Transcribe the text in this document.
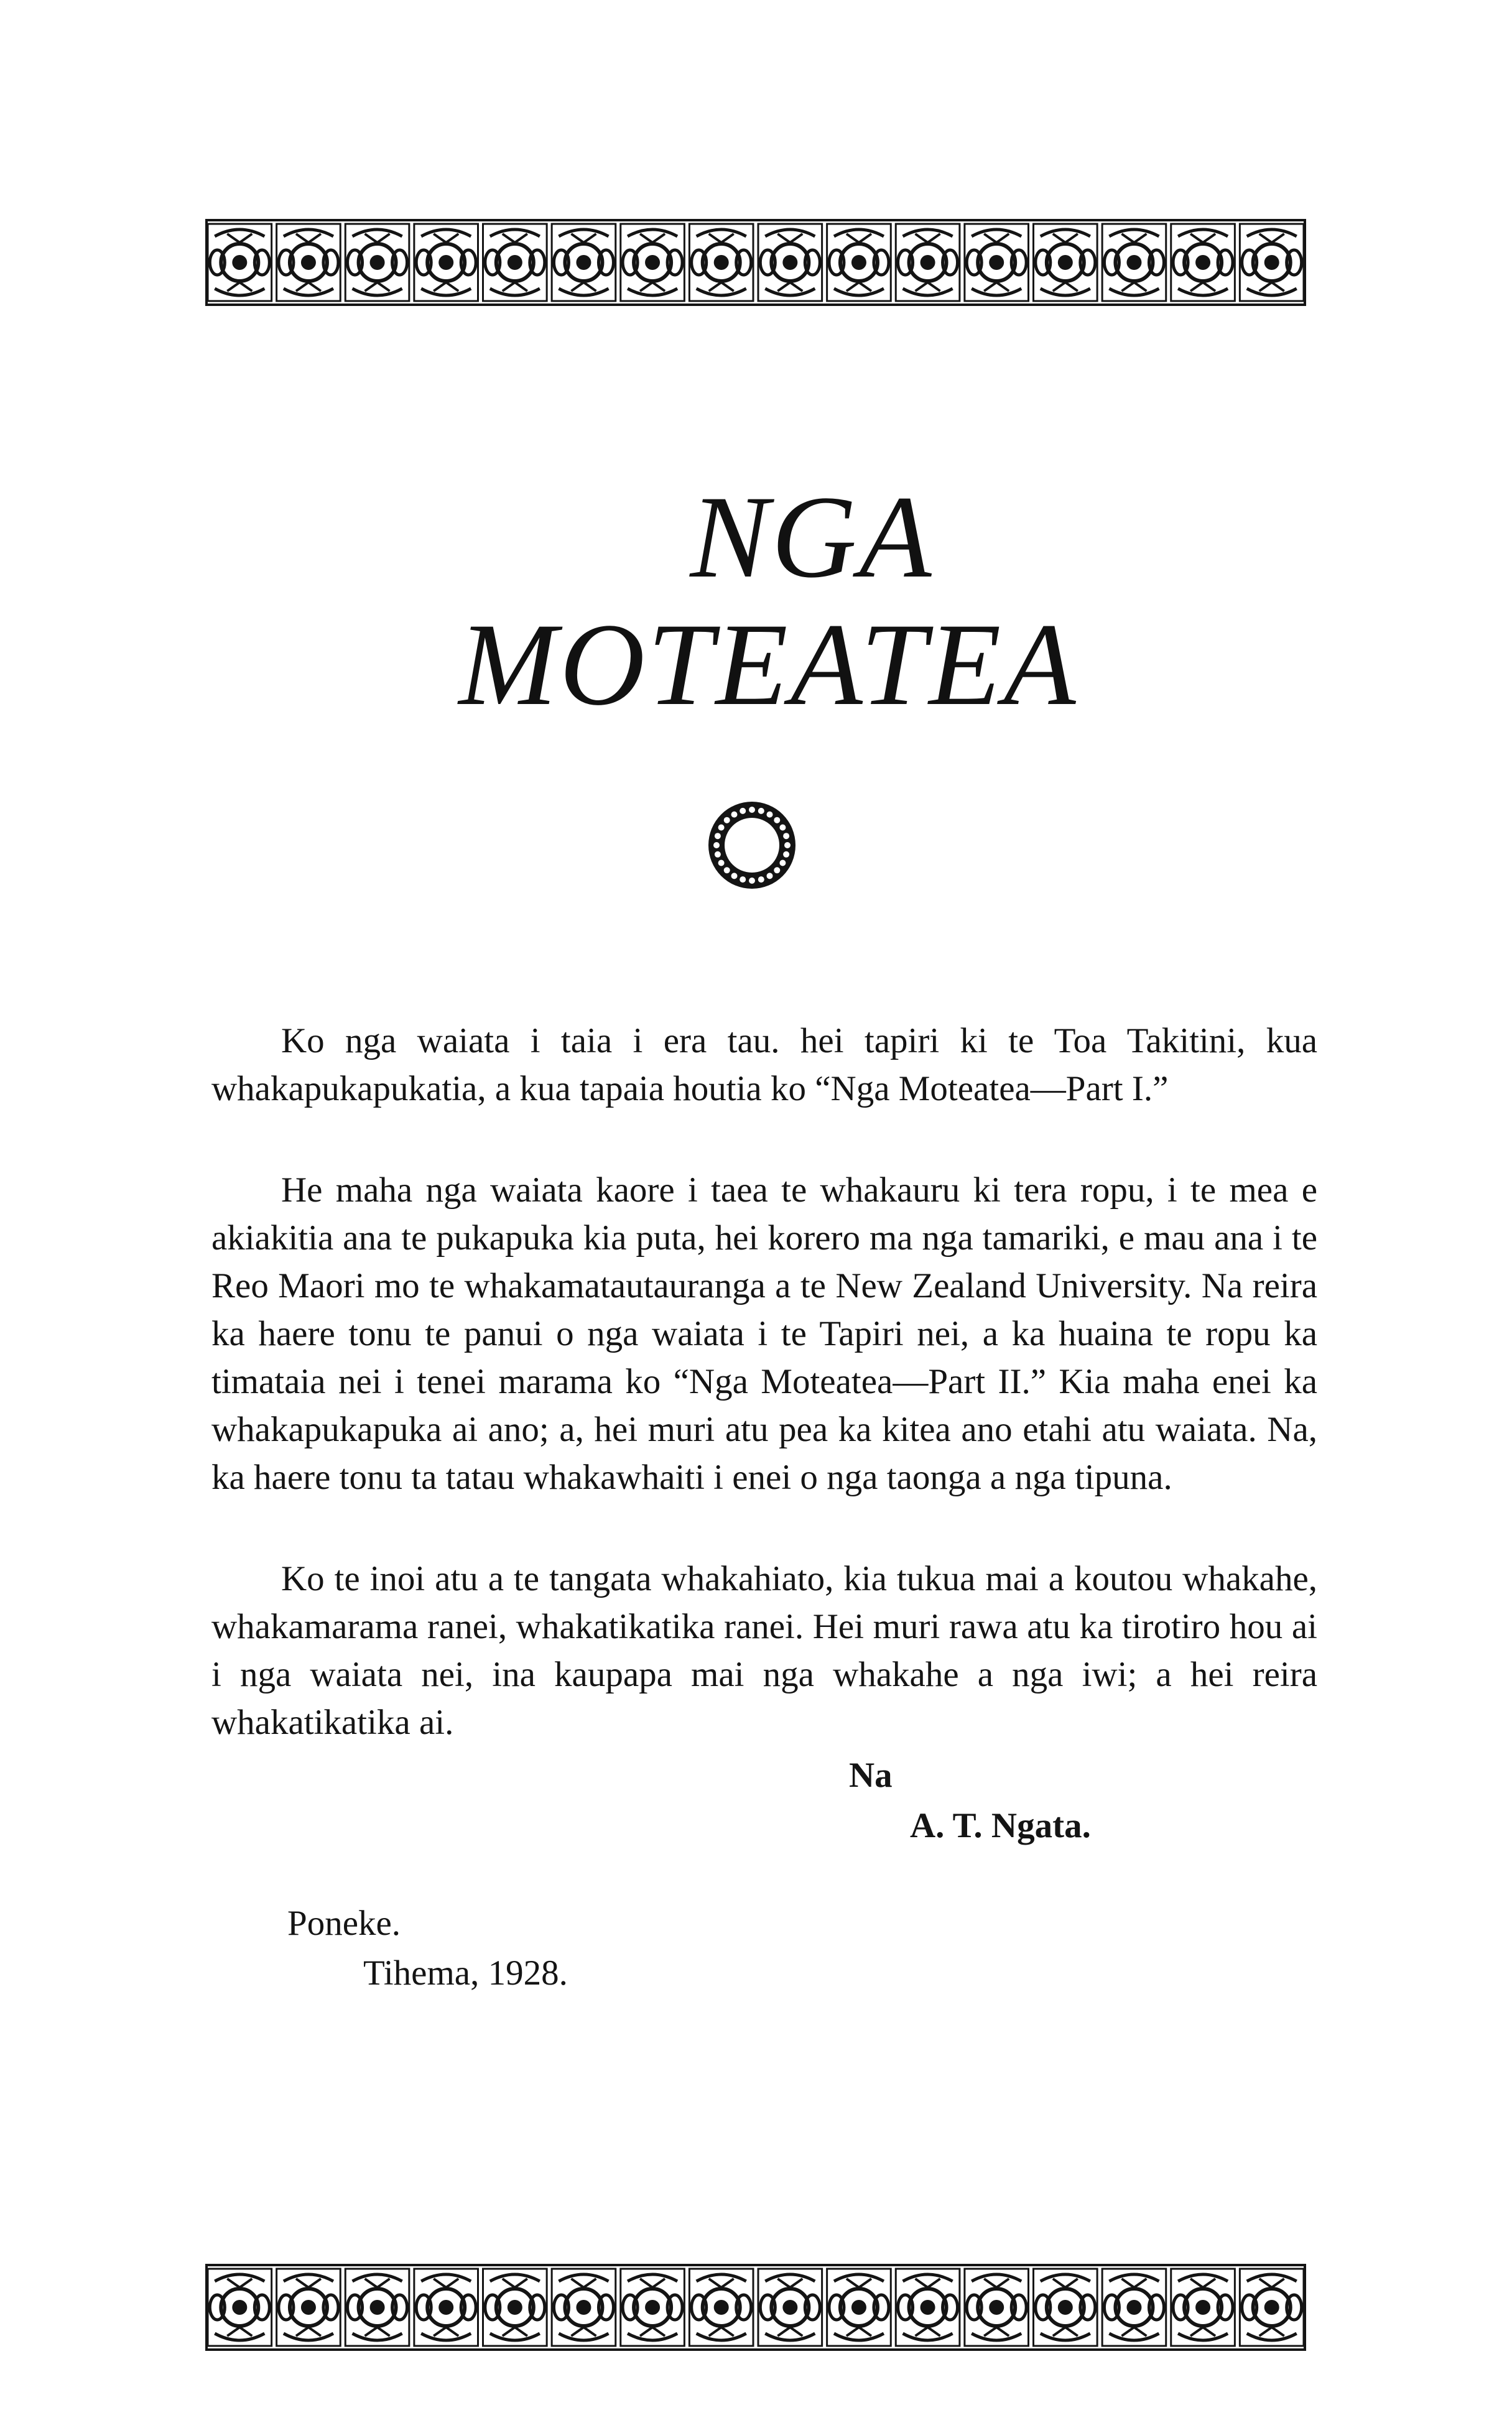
NGA
MOTEATEA

Ko nga waiata i taia i era tau. hei tapiri ki te Toa Takitini, kua whakapukapukatia, a kua tapaia houtia ko “Nga Moteatea—Part I.”

He maha nga waiata kaore i taea te whakauru ki tera ropu, i te mea e akiakitia ana te pukapuka kia puta, hei korero ma nga tamariki, e mau ana i te Reo Maori mo te whakamatautauranga a te New Zealand University. Na reira ka haere tonu te panui o nga waiata i te Tapiri nei, a ka huaina te ropu ka timataia nei i tenei marama ko “Nga Moteatea—Part II.” Kia maha enei ka whakapukapuka ai ano; a, hei muri atu pea ka kitea ano etahi atu waiata. Na, ka haere tonu ta tatau whakawhaiti i enei o nga taonga a nga tipuna.

Ko te inoi atu a te tangata whakahiato, kia tukua mai a koutou whakahe, whakamarama ranei, whakatikatika ranei. Hei muri rawa atu ka tirotiro hou ai i nga waiata nei, ina kaupapa mai nga whakahe a nga iwi; a hei reira whakatikatika ai.

Na
A. T. Ngata.
Poneke.
Tihema, 1928.
